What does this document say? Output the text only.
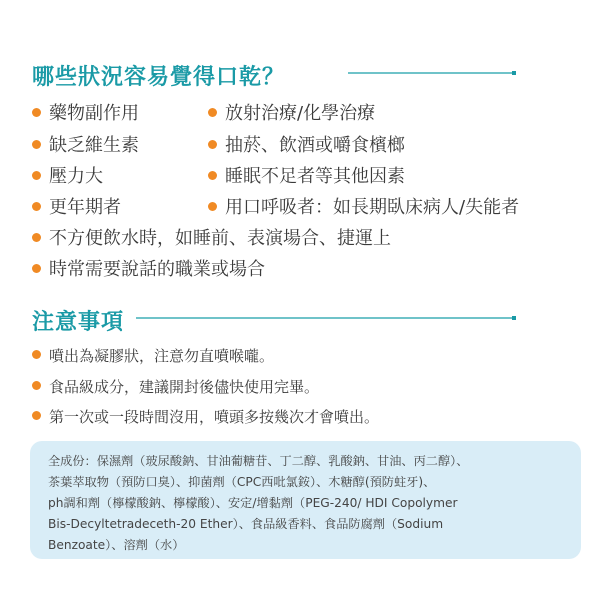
哪些狀況容易覺得口乾？
藥物副作用	放射治療/化學治療
缺乏維生素	抽菸、飲酒或嚼食檳榔
壓力大	睡眠不足者等其他因素
更年期者	用口呼吸者：如長期臥床病人/失能者
不方便飲水時，如睡前、表演場合、捷運上
時常需要說話的職業或場合
注意事項
噴出為凝膠狀，注意勿直噴喉嚨。
食品級成分，建議開封後儘快使用完畢。
第一次或一段時間沒用，噴頭多按幾次才會噴出。
全成份：保濕劑（玻尿酸鈉、甘油葡糖苷、丁二醇、乳酸鈉、甘油、丙二醇）、
茶葉萃取物（預防口臭）、抑菌劑（CPC西吡氯銨）、木糖醇(預防蛀牙)、
ph調和劑（檸檬酸鈉、檸檬酸）、安定/增黏劑（PEG-240/ HDI Copolymer
Bis-Decyltetradeceth-20 Ether）、食品級香料、食品防腐劑（Sodium
Benzoate）、溶劑（水）
